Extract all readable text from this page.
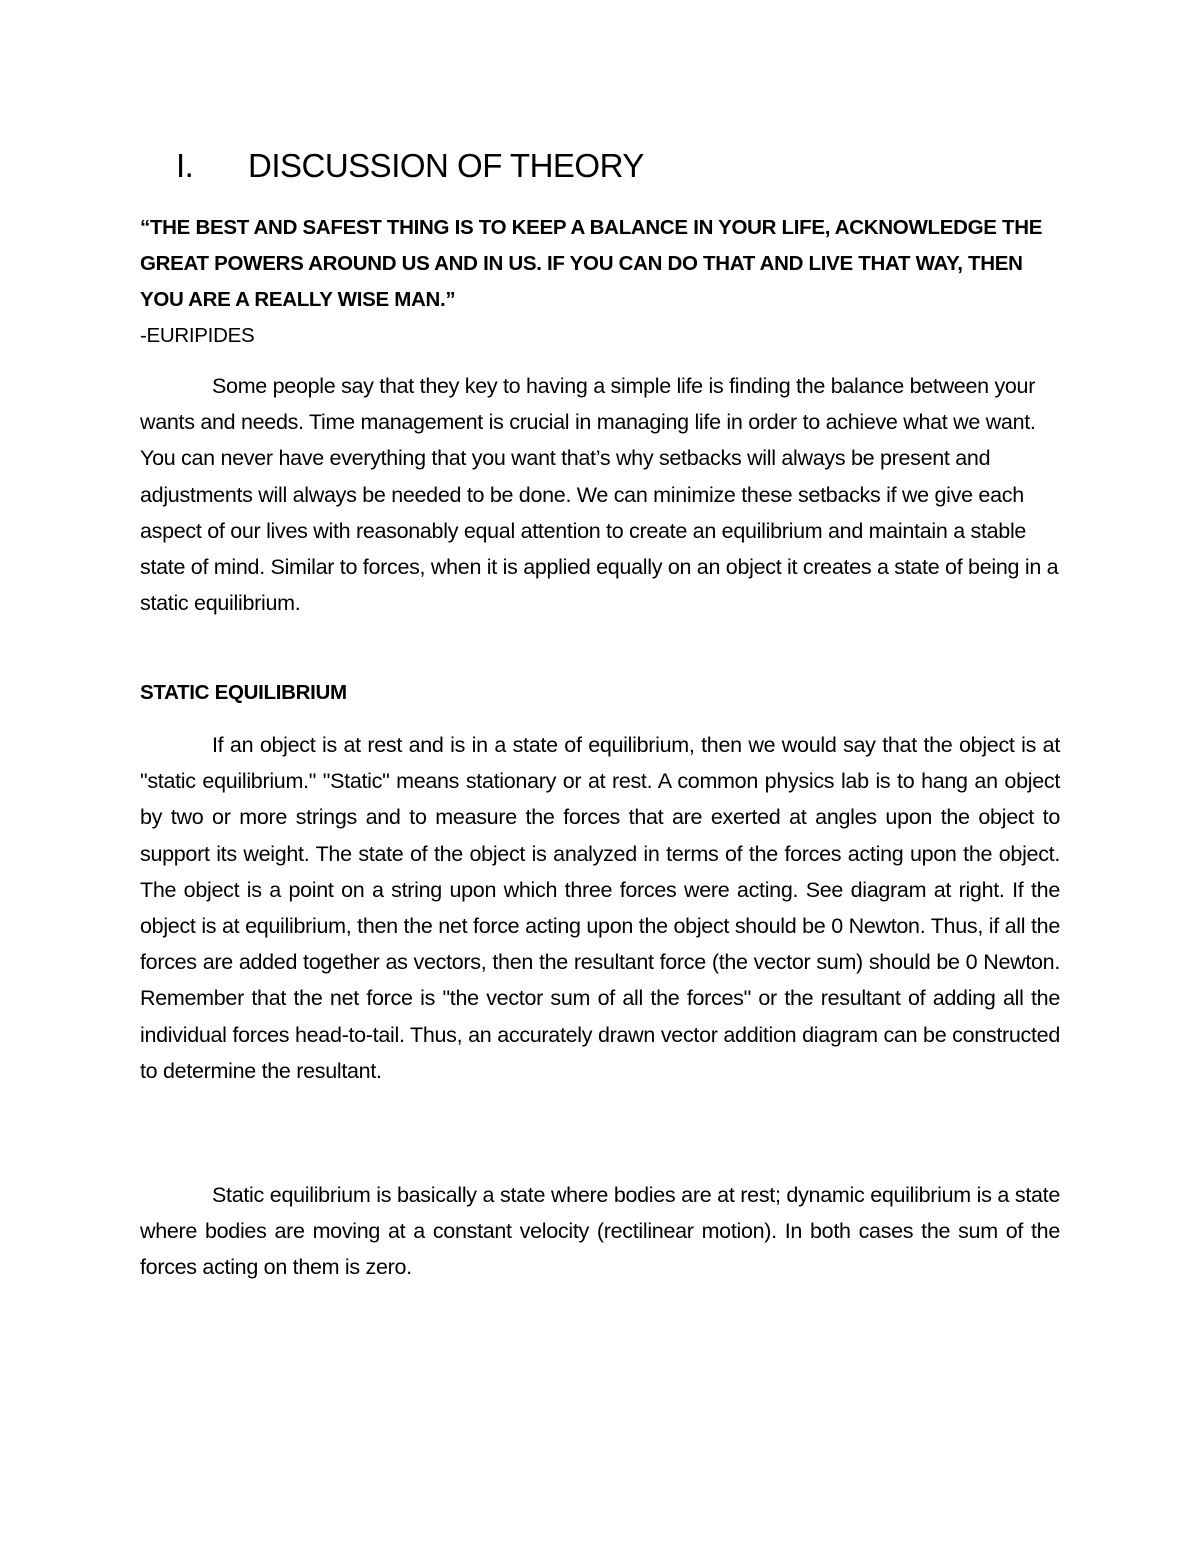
I. DISCUSSION OF THEORY
“THE BEST AND SAFEST THING IS TO KEEP A BALANCE IN YOUR LIFE, ACKNOWLEDGE THE GREAT POWERS AROUND US AND IN US. IF YOU CAN DO THAT AND LIVE THAT WAY, THEN YOU ARE A REALLY WISE MAN.”
-EURIPIDES

Some people say that they key to having a simple life is finding the balance between your wants and needs. Time management is crucial in managing life in order to achieve what we want. You can never have everything that you want that’s why setbacks will always be present and adjustments will always be needed to be done. We can minimize these setbacks if we give each aspect of our lives with reasonably equal attention to create an equilibrium and maintain a stable state of mind. Similar to forces, when it is applied equally on an object it creates a state of being in a static equilibrium.

STATIC EQUILIBRIUM

If an object is at rest and is in a state of equilibrium, then we would say that the object is at "static equilibrium." "Static" means stationary or at rest. A common physics lab is to hang an object by two or more strings and to measure the forces that are exerted at angles upon the object to support its weight. The state of the object is analyzed in terms of the forces acting upon the object. The object is a point on a string upon which three forces were acting. See diagram at right. If the object is at equilibrium, then the net force acting upon the object should be 0 Newton. Thus, if all the forces are added together as vectors, then the resultant force (the vector sum) should be 0 Newton. Remember that the net force is "the vector sum of all the forces" or the resultant of adding all the individual forces head-to-tail. Thus, an accurately drawn vector addition diagram can be constructed to determine the resultant.

Static equilibrium is basically a state where bodies are at rest; dynamic equilibrium is a state where bodies are moving at a constant velocity (rectilinear motion). In both cases the sum of the forces acting on them is zero.
